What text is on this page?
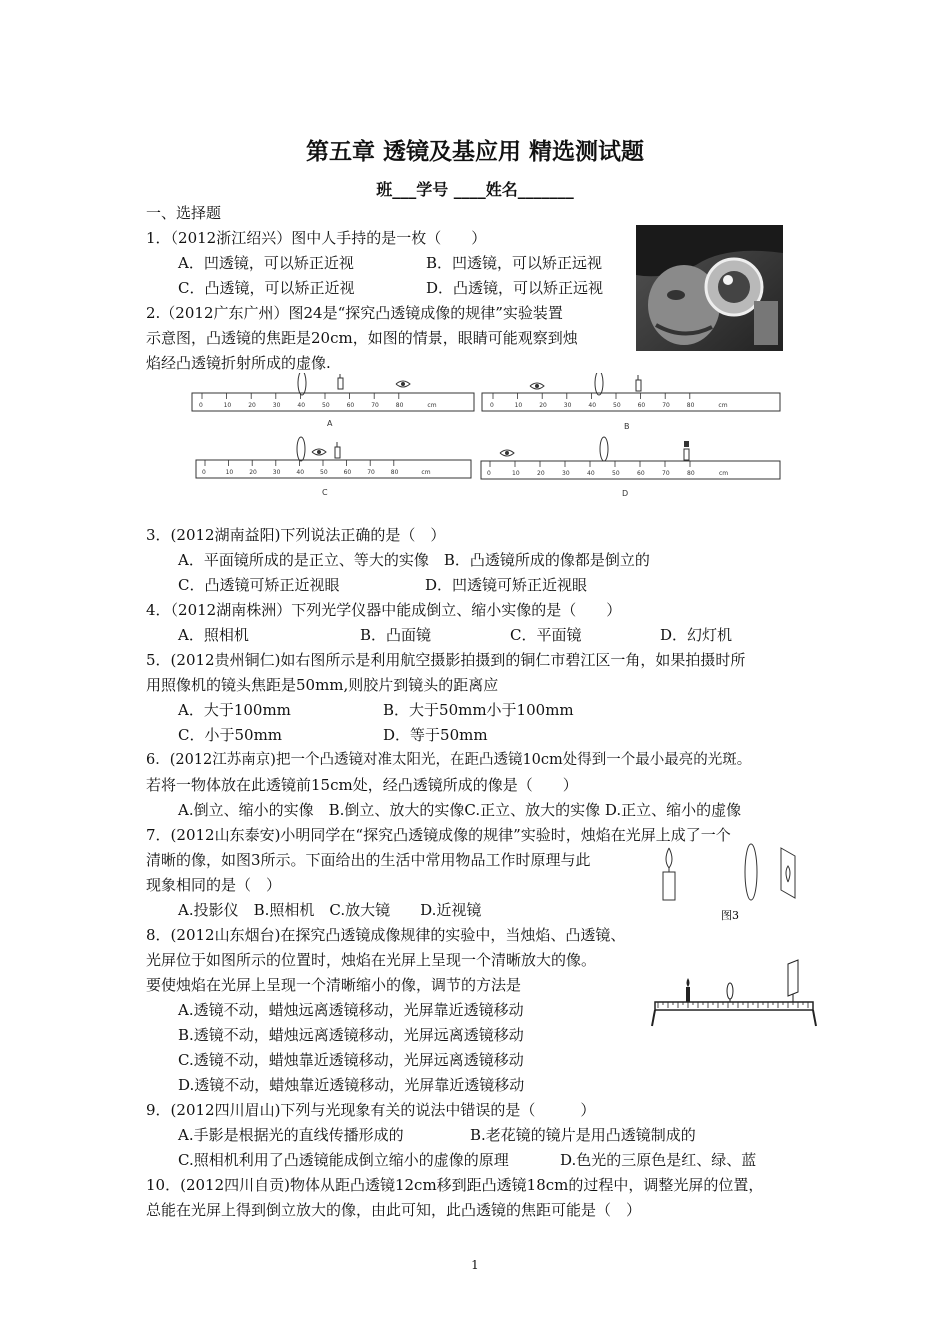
第五章 透镜及基应用 精选测试题
班___学号 ____姓名_______
一、选择题
1．（2012浙江绍兴）图中人手持的是一枚（　　）
A．凹透镜，可以矫正近视	B．凹透镜，可以矫正远视
C．凸透镜，可以矫正近视	D．凸透镜，可以矫正远视
2.（2012广东广州）图24是“探究凸透镜成像的规律”实验装置
示意图，凸透镜的焦距是20cm，如图的情景，眼睛可能观察到烛
焰经凸透镜折射所成的虚像.
A	B
C	D
0	10	20	30	40	50	60	70	80	cm	0	10	20	30	40	50	60	70	80	cm
0	10	20	30	40	50	60	70	80	cm	0	10	20	30	40	50	60	70	80	cm
3．(2012湖南益阳)下列说法正确的是（　）
A．平面镜所成的是正立、等大的实像　B．凸透镜所成的像都是倒立的
C．凸透镜可矫正近视眼	D．凹透镜可矫正近视眼
4．（2012湖南株洲）下列光学仪器中能成倒立、缩小实像的是（　　）
A．照相机	B．凸面镜	C．平面镜	D．幻灯机
5．(2012贵州铜仁)如右图所示是利用航空摄影拍摄到的铜仁市碧江区一角，如果拍摄时所
用照像机的镜头焦距是50mm,则胶片到镜头的距离应
A．大于100mm	B．大于50mm小于100mm
C．小于50mm	D．等于50mm
6．(2012江苏南京)把一个凸透镜对准太阳光，在距凸透镜10cm处得到一个最小最亮的光斑。
若将一物体放在此透镜前15cm处，经凸透镜所成的像是（　　）
A.倒立、缩小的实像　B.倒立、放大的实像C.正立、放大的实像 D.正立、缩小的虚像
7．(2012山东泰安)小明同学在“探究凸透镜成像的规律”实验时，烛焰在光屏上成了一个
清晰的像，如图3所示。下面给出的生活中常用物品工作时原理与此
现象相同的是（　）
A.投影仪　B.照相机　C.放大镜　　D.近视镜	图3
8．(2012山东烟台)在探究凸透镜成像规律的实验中，当烛焰、凸透镜、
光屏位于如图所示的位置时，烛焰在光屏上呈现一个清晰放大的像。
要使烛焰在光屏上呈现一个清晰缩小的像，调节的方法是
A.透镜不动，蜡烛远离透镜移动，光屏靠近透镜移动
B.透镜不动，蜡烛远离透镜移动，光屏远离透镜移动
C.透镜不动，蜡烛靠近透镜移动，光屏远离透镜移动
D.透镜不动，蜡烛靠近透镜移动，光屏靠近透镜移动
9．(2012四川眉山)下列与光现象有关的说法中错误的是（　　　）
A.手影是根据光的直线传播形成的	B.老花镜的镜片是用凸透镜制成的
C.照相机利用了凸透镜能成倒立缩小的虚像的原理	D.色光的三原色是红、绿、蓝
10．(2012四川自贡)物体从距凸透镜12cm移到距凸透镜18cm的过程中，调整光屏的位置，
总能在光屏上得到倒立放大的像，由此可知，此凸透镜的焦距可能是（　）
1
